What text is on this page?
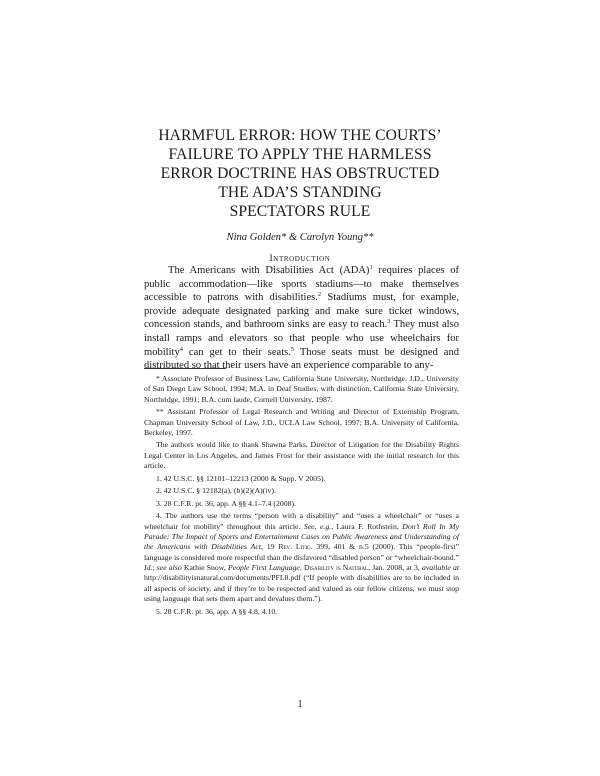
HARMFUL ERROR: HOW THE COURTS’
FAILURE TO APPLY THE HARMLESS
ERROR DOCTRINE HAS OBSTRUCTED
THE ADA’S STANDING
SPECTATORS RULE
Nina Golden* & Carolyn Young**
Introduction

The Americans with Disabilities Act (ADA)$^1$ requires places of public accommodation—like sports stadiums—to make themselves accessible to patrons with disabilities.$^2$ Stadiums must, for example, provide adequate designated parking and make sure ticket windows, concession stands, and bathroom sinks are easy to reach.$^3$ They must also install ramps and elevators so that people who use wheelchairs for mobility$^4$ can get to their seats.$^5$ Those seats must be designed and distributed so that their users have an experience comparable to any-

* Associate Professor of Business Law, California State University, Northridge. J.D., University of San Diego Law School, 1994; M.A. in Deaf Studies, with distinction, California State University, Northridge, 1991; B.A. cum laude, Cornell University, 1987.

** Assistant Professor of Legal Research and Writing and Director of Externship Program, Chapman University School of Law, J.D., UCLA Law School, 1997; B.A. University of California, Berkeley, 1997.

The authors would like to thank Shawna Parks, Director of Litigation for the Disability Rights Legal Center in Los Angeles, and James Frost for their assistance with the initial research for this article.

1. 42 U.S.C. §§ 12101–12213 (2000 & Supp. V 2005).

2. 42 U.S.C. § 12182(a), (b)(2)(A)(iv).

3. 28 C.F.R. pt. 36, app. A §§ 4.1–7.4 (2008).

4. The authors use the terms “person with a disability” and “uses a wheelchair” or “uses a wheelchair for mobility” throughout this article. See, e.g., Laura F. Rothstein, Don’t Roll In My Parade: The Impact of Sports and Entertainment Cases on Public Awareness and Understanding of the Americans with Disabilities Act, 19 Rev. Litig. 399, 401 & n.5 (2000). This “people-first” language is considered more respectful than the disfavored “disabled person” or “wheelchair-bound.” Id.; see also Kathie Snow, People First Language, Disability is Natural, Jan. 2008, at 3, available at http://disabilityisnatural.com/documents/PFL8.pdf (“If people with disabilities are to be included in all aspects of society, and if they’re to be respected and valued as our fellow citizens, we must stop using language that sets them apart and devalues them.”).

5. 28 C.F.R. pt. 36, app. A §§ 4.8, 4.10.

1
